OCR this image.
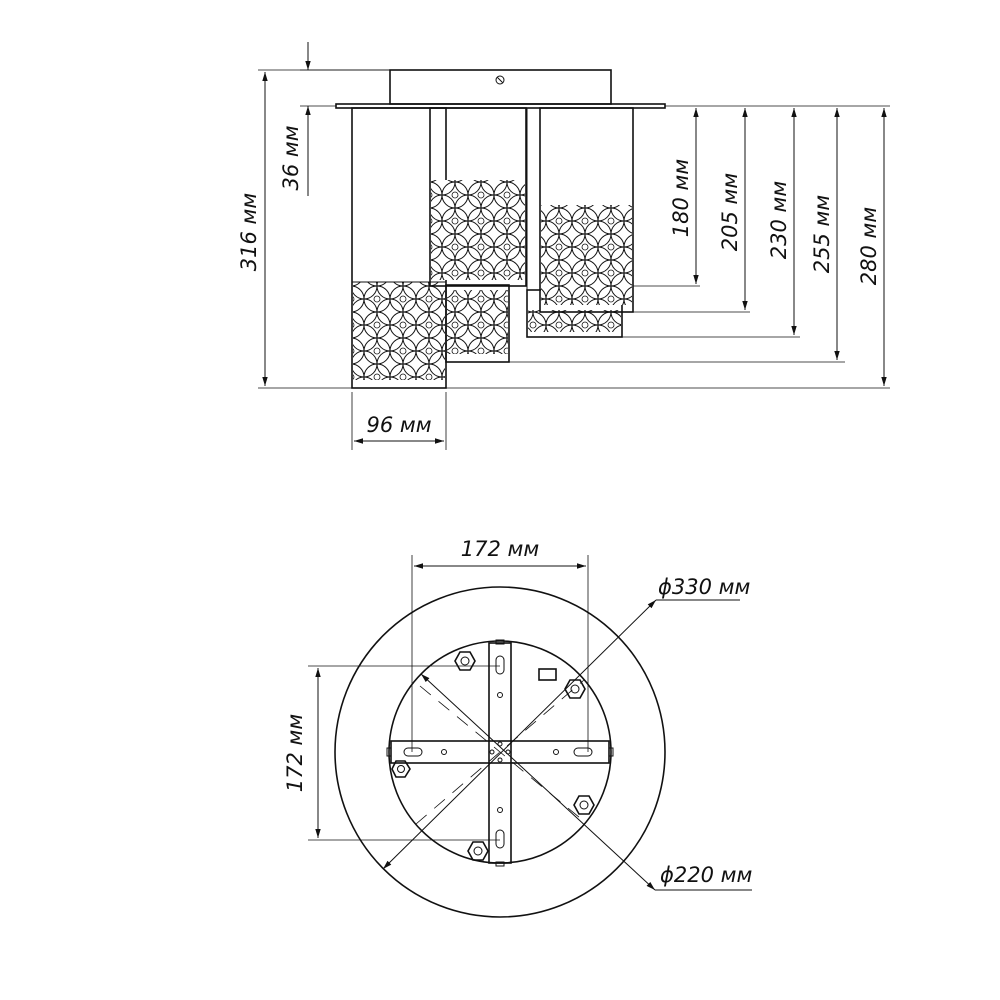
316 мм
36 мм
96 мм
180 мм 205 мм 230 мм 255 мм 280 мм
172 мм
172 мм
ϕ330 мм
ϕ220 мм
